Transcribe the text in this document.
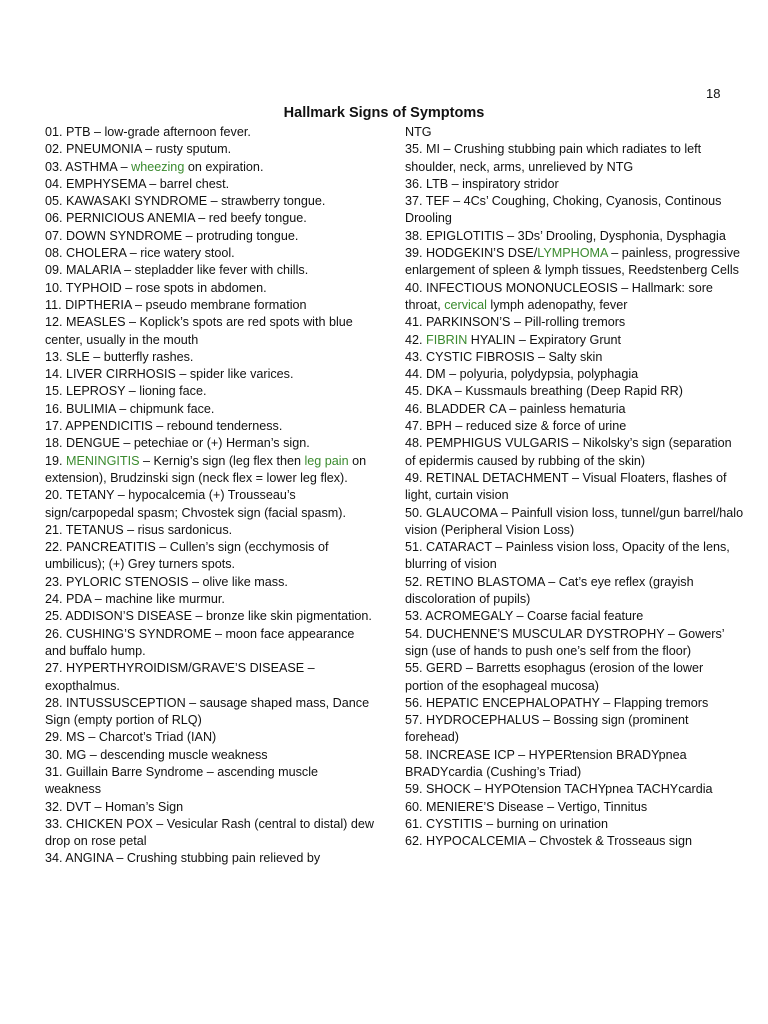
18
Hallmark Signs of Symptoms
01. PTB – low-grade afternoon fever.
02. PNEUMONIA – rusty sputum.
03. ASTHMA – wheezing on expiration.
04. EMPHYSEMA – barrel chest.
05. KAWASAKI SYNDROME – strawberry tongue.
06. PERNICIOUS ANEMIA – red beefy tongue.
07. DOWN SYNDROME – protruding tongue.
08. CHOLERA – rice watery stool.
09. MALARIA – stepladder like fever with chills.
10. TYPHOID – rose spots in abdomen.
11. DIPTHERIA – pseudo membrane formation
12. MEASLES – Koplick’s spots are red spots with blue center, usually in the mouth
13. SLE – butterfly rashes.
14. LIVER CIRRHOSIS – spider like varices.
15. LEPROSY – lioning face.
16. BULIMIA – chipmunk face.
17. APPENDICITIS – rebound tenderness.
18. DENGUE – petechiae or (+) Herman’s sign.
19. MENINGITIS – Kernig’s sign (leg flex then leg pain on extension), Brudzinski sign (neck flex = lower leg flex).
20. TETANY – hypocalcemia (+) Trousseau’s sign/carpopedal spasm; Chvostek sign (facial spasm).
21. TETANUS – risus sardonicus.
22. PANCREATITIS – Cullen’s sign (ecchymosis of umbilicus); (+) Grey turners spots.
23. PYLORIC STENOSIS – olive like mass.
24. PDA – machine like murmur.
25. ADDISON’S DISEASE – bronze like skin pigmentation.
26. CUSHING’S SYNDROME – moon face appearance and buffalo hump.
27. HYPERTHYROIDISM/GRAVE’S DISEASE – exopthalmus.
28. INTUSSUSCEPTION – sausage shaped mass, Dance Sign (empty portion of RLQ)
29. MS – Charcot’s Triad (IAN)
30. MG – descending muscle weakness
31. Guillain Barre Syndrome – ascending muscle weakness
32. DVT – Homan’s Sign
33. CHICKEN POX – Vesicular Rash (central to distal) dew drop on rose petal
34. ANGINA – Crushing stubbing pain relieved by
NTG
35. MI – Crushing stubbing pain which radiates to left shoulder, neck, arms, unrelieved by NTG
36. LTB – inspiratory stridor
37. TEF – 4Cs’ Coughing, Choking, Cyanosis, Continous Drooling
38. EPIGLOTITIS – 3Ds’ Drooling, Dysphonia, Dysphagia
39. HODGEKIN’S DSE/LYMPHOMA – painless, progressive enlargement of spleen & lymph tissues, Reedstenberg Cells
40. INFECTIOUS MONONUCLEOSIS – Hallmark: sore throat, cervical lymph adenopathy, fever
41. PARKINSON’S – Pill-rolling tremors
42. FIBRIN HYALIN – Expiratory Grunt
43. CYSTIC FIBROSIS – Salty skin
44. DM – polyuria, polydypsia, polyphagia
45. DKA – Kussmauls breathing (Deep Rapid RR)
46. BLADDER CA – painless hematuria
47. BPH – reduced size & force of urine
48. PEMPHIGUS VULGARIS – Nikolsky’s sign (separation of epidermis caused by rubbing of the skin)
49. RETINAL DETACHMENT – Visual Floaters, flashes of light, curtain vision
50. GLAUCOMA – Painfull vision loss, tunnel/gun barrel/halo vision (Peripheral Vision Loss)
51. CATARACT – Painless vision loss, Opacity of the lens, blurring of vision
52. RETINO BLASTOMA – Cat’s eye reflex (grayish discoloration of pupils)
53. ACROMEGALY – Coarse facial feature
54. DUCHENNE’S MUSCULAR DYSTROPHY – Gowers’ sign (use of hands to push one’s self from the floor)
55. GERD – Barretts esophagus (erosion of the lower portion of the esophageal mucosa)
56. HEPATIC ENCEPHALOPATHY – Flapping tremors
57. HYDROCEPHALUS – Bossing sign (prominent forehead)
58. INCREASE ICP – HYPERtension BRADYpnea BRADYcardia (Cushing’s Triad)
59. SHOCK – HYPOtension TACHYpnea TACHYcardia
60. MENIERE’S Disease – Vertigo, Tinnitus
61. CYSTITIS – burning on urination
62. HYPOCALCEMIA – Chvostek & Trosseaus sign
